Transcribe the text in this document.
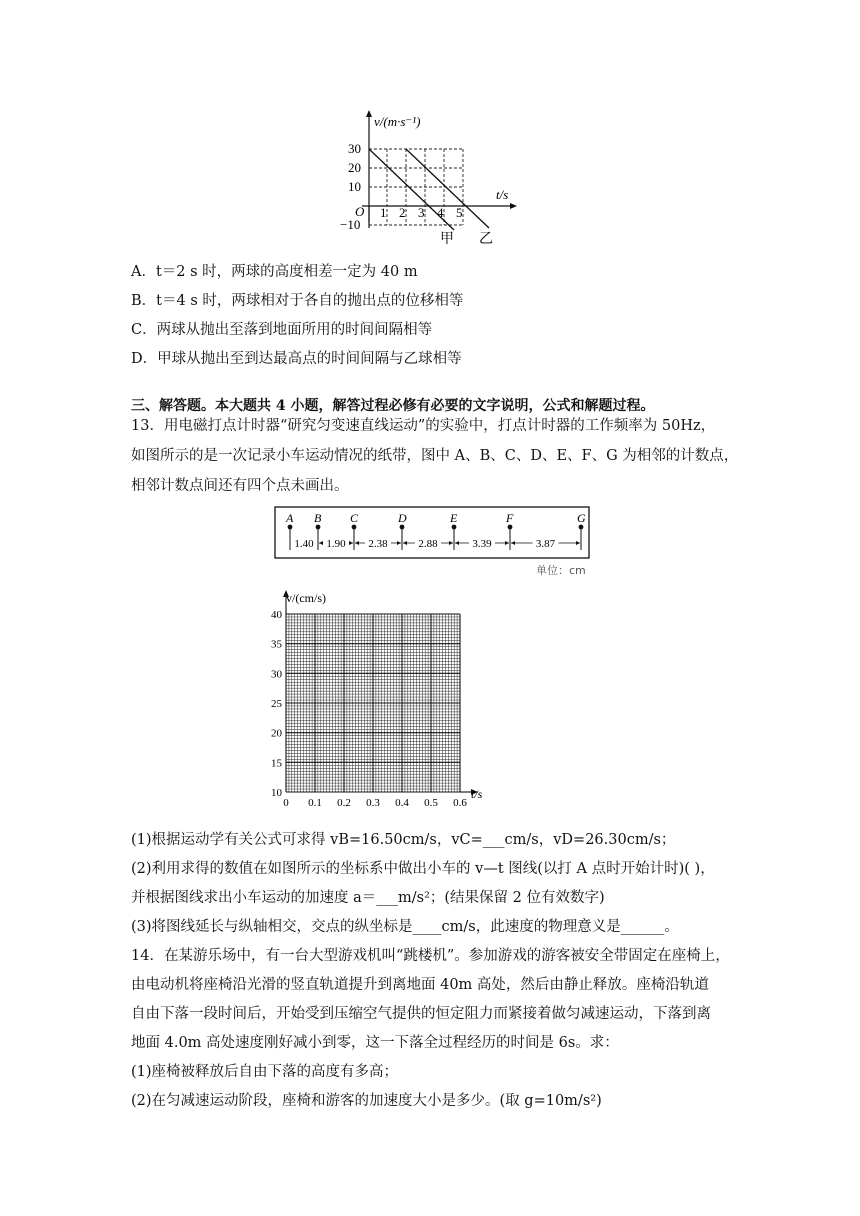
v/(m·s⁻¹)
t/s
O
30
20
10
−10
1 2 3 4 5
甲 乙
A．t＝2 s 时，两球的高度相差一定为 40 m
B．t＝4 s 时，两球相对于各自的抛出点的位移相等
C．两球从抛出至落到地面所用的时间间隔相等
D．甲球从抛出至到达最高点的时间间隔与乙球相等
三、解答题。本大题共 4 小题，解答过程必修有必要的文字说明，公式和解题过程。
13．用电磁打点计时器“研究匀变速直线运动”的实验中，打点计时器的工作频率为 50Hz，
如图所示的是一次记录小车运动情况的纸带，图中 A、B、C、D、E、F、G 为相邻的计数点，
相邻计数点间还有四个点未画出。
A B C	D	E	F	G
1.40 1.90 2.38	2.88	3.39	3.87
单位：cm
v/(cm/s)
t/s
40
35
30
25
20
15
10
0 0.1 0.2 0.3 0.4 0.5 0.6
(1)根据运动学有关公式可求得 vB=16.50cm/s，vC=___cm/s，vD=26.30cm/s；
(2)利用求得的数值在如图所示的坐标系中做出小车的 v—t 图线(以打 A 点时开始计时)( )，
并根据图线求出小车运动的加速度 a＝___m/s²；(结果保留 2 位有效数字)
(3)将图线延长与纵轴相交，交点的纵坐标是____cm/s，此速度的物理意义是______。
14．在某游乐场中，有一台大型游戏机叫“跳楼机”。参加游戏的游客被安全带固定在座椅上，
由电动机将座椅沿光滑的竖直轨道提升到离地面 40m 高处，然后由静止释放。座椅沿轨道
自由下落一段时间后，开始受到压缩空气提供的恒定阻力而紧接着做匀减速运动，下落到离
地面 4.0m 高处速度刚好减小到零，这一下落全过程经历的时间是 6s。求：
(1)座椅被释放后自由下落的高度有多高；
(2)在匀减速运动阶段，座椅和游客的加速度大小是多少。(取 g=10m/s²)
